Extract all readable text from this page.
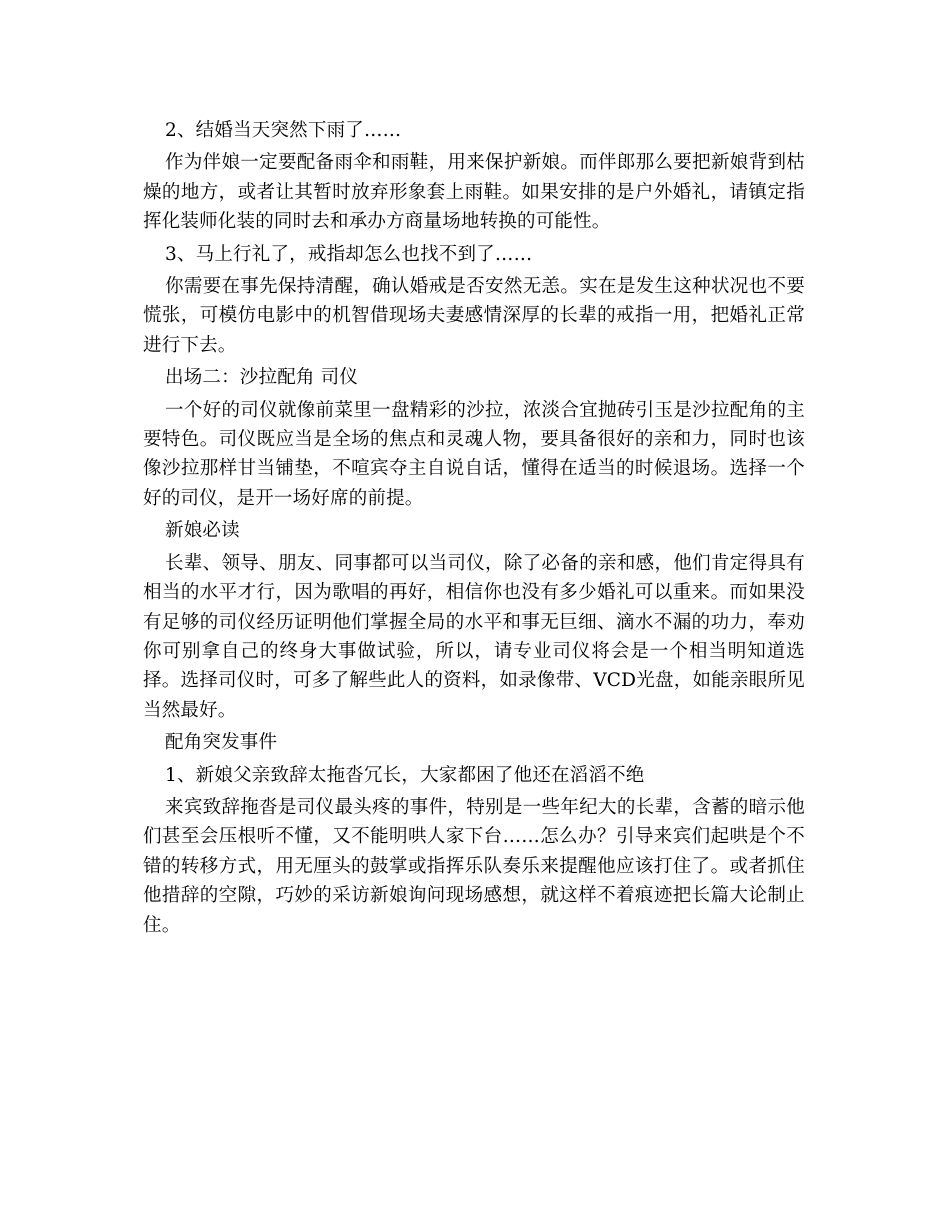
2、结婚当天突然下雨了……

作为伴娘一定要配备雨伞和雨鞋，用来保护新娘。而伴郎那么要把新娘背到枯燥的地方，或者让其暂时放弃形象套上雨鞋。如果安排的是户外婚礼，请镇定指挥化装师化装的同时去和承办方商量场地转换的可能性。

3、马上行礼了，戒指却怎么也找不到了……

你需要在事先保持清醒，确认婚戒是否安然无恙。实在是发生这种状况也不要慌张，可模仿电影中的机智借现场夫妻感情深厚的长辈的戒指一用，把婚礼正常进行下去。

出场二：沙拉配角 司仪

一个好的司仪就像前菜里一盘精彩的沙拉，浓淡合宜抛砖引玉是沙拉配角的主要特色。司仪既应当是全场的焦点和灵魂人物，要具备很好的亲和力，同时也该像沙拉那样甘当铺垫，不喧宾夺主自说自话，懂得在适当的时候退场。选择一个好的司仪，是开一场好席的前提。

新娘必读

长辈、领导、朋友、同事都可以当司仪，除了必备的亲和感，他们肯定得具有相当的水平才行，因为歌唱的再好，相信你也没有多少婚礼可以重来。而如果没有足够的司仪经历证明他们掌握全局的水平和事无巨细、滴水不漏的功力，奉劝你可别拿自己的终身大事做试验，所以，请专业司仪将会是一个相当明知道选择。选择司仪时，可多了解些此人的资料，如录像带、VCD光盘，如能亲眼所见当然最好。

配角突发事件

1、新娘父亲致辞太拖沓冗长，大家都困了他还在滔滔不绝

来宾致辞拖沓是司仪最头疼的事件，特别是一些年纪大的长辈，含蓄的暗示他们甚至会压根听不懂，又不能明哄人家下台……怎么办？引导来宾们起哄是个不错的转移方式，用无厘头的鼓掌或指挥乐队奏乐来提醒他应该打住了。或者抓住他措辞的空隙，巧妙的采访新娘询问现场感想，就这样不着痕迹把长篇大论制止住。
